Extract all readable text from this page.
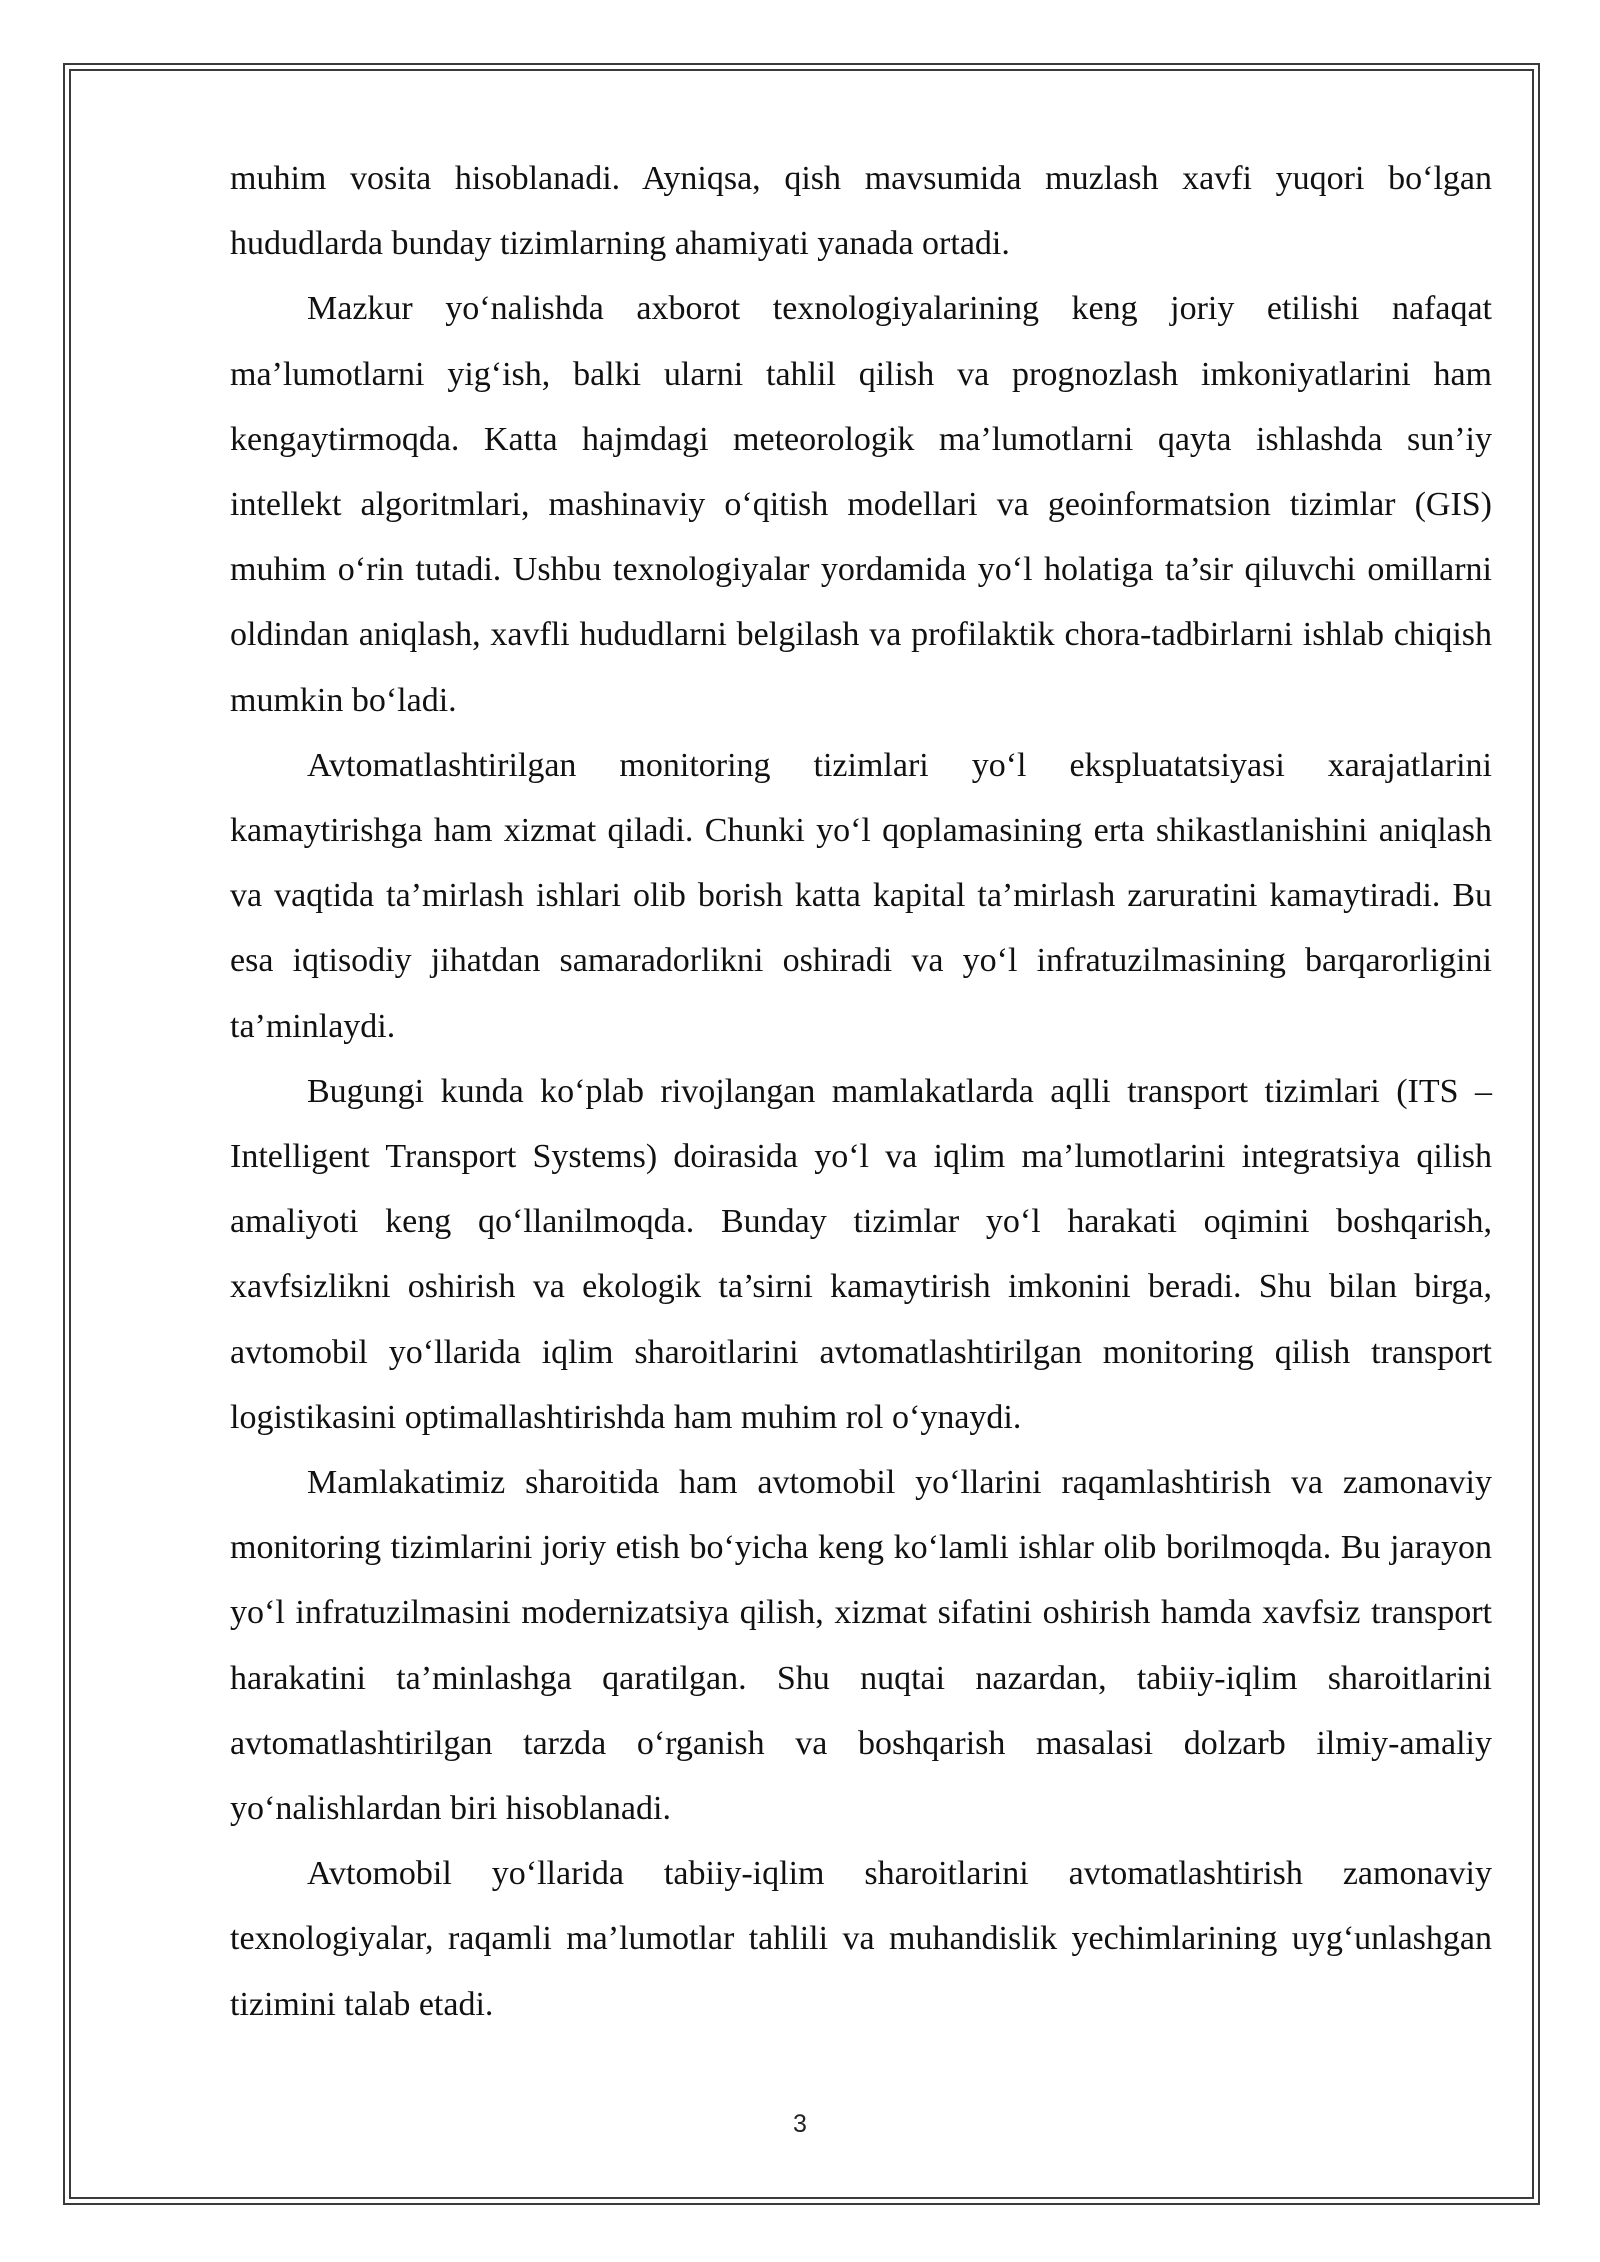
muhim vosita hisoblanadi. Ayniqsa, qish mavsumida muzlash xavfi yuqori bo‘lgan hududlarda bunday tizimlarning ahamiyati yanada ortadi.

Mazkur yo‘nalishda axborot texnologiyalarining keng joriy etilishi nafaqat ma’lumotlarni yig‘ish, balki ularni tahlil qilish va prognozlash imkoniyatlarini ham kengaytirmoqda. Katta hajmdagi meteorologik ma’lumotlarni qayta ishlashda sun’iy intellekt algoritmlari, mashinaviy o‘qitish modellari va geoinformatsion tizimlar (GIS) muhim o‘rin tutadi. Ushbu texnologiyalar yordamida yo‘l holatiga ta’sir qiluvchi omillarni oldindan aniqlash, xavfli hududlarni belgilash va profilaktik chora-tadbirlarni ishlab chiqish mumkin bo‘ladi.

Avtomatlashtirilgan monitoring tizimlari yo‘l ekspluatatsiyasi xarajatlarini kamaytirishga ham xizmat qiladi. Chunki yo‘l qoplamasining erta shikastlanishini aniqlash va vaqtida ta’mirlash ishlari olib borish katta kapital ta’mirlash zaruratini kamaytiradi. Bu esa iqtisodiy jihatdan samaradorlikni oshiradi va yo‘l infratuzilmasining barqarorligini ta’minlaydi.

Bugungi kunda ko‘plab rivojlangan mamlakatlarda aqlli transport tizimlari (ITS – Intelligent Transport Systems) doirasida yo‘l va iqlim ma’lumotlarini integratsiya qilish amaliyoti keng qo‘llanilmoqda. Bunday tizimlar yo‘l harakati oqimini boshqarish, xavfsizlikni oshirish va ekologik ta’sirni kamaytirish imkonini beradi. Shu bilan birga, avtomobil yo‘llarida iqlim sharoitlarini avtomatlashtirilgan monitoring qilish transport logistikasini optimallashtirishda ham muhim rol o‘ynaydi.

Mamlakatimiz sharoitida ham avtomobil yo‘llarini raqamlashtirish va zamonaviy monitoring tizimlarini joriy etish bo‘yicha keng ko‘lamli ishlar olib borilmoqda. Bu jarayon yo‘l infratuzilmasini modernizatsiya qilish, xizmat sifatini oshirish hamda xavfsiz transport harakatini ta’minlashga qaratilgan. Shu nuqtai nazardan, tabiiy-iqlim sharoitlarini avtomatlashtirilgan tarzda o‘rganish va boshqarish masalasi dolzarb ilmiy-amaliy yo‘nalishlardan biri hisoblanadi.

Avtomobil yo‘llarida tabiiy-iqlim sharoitlarini avtomatlashtirish zamonaviy texnologiyalar, raqamli ma’lumotlar tahlili va muhandislik yechimlarining uyg‘unlashgan tizimini talab etadi.

3
